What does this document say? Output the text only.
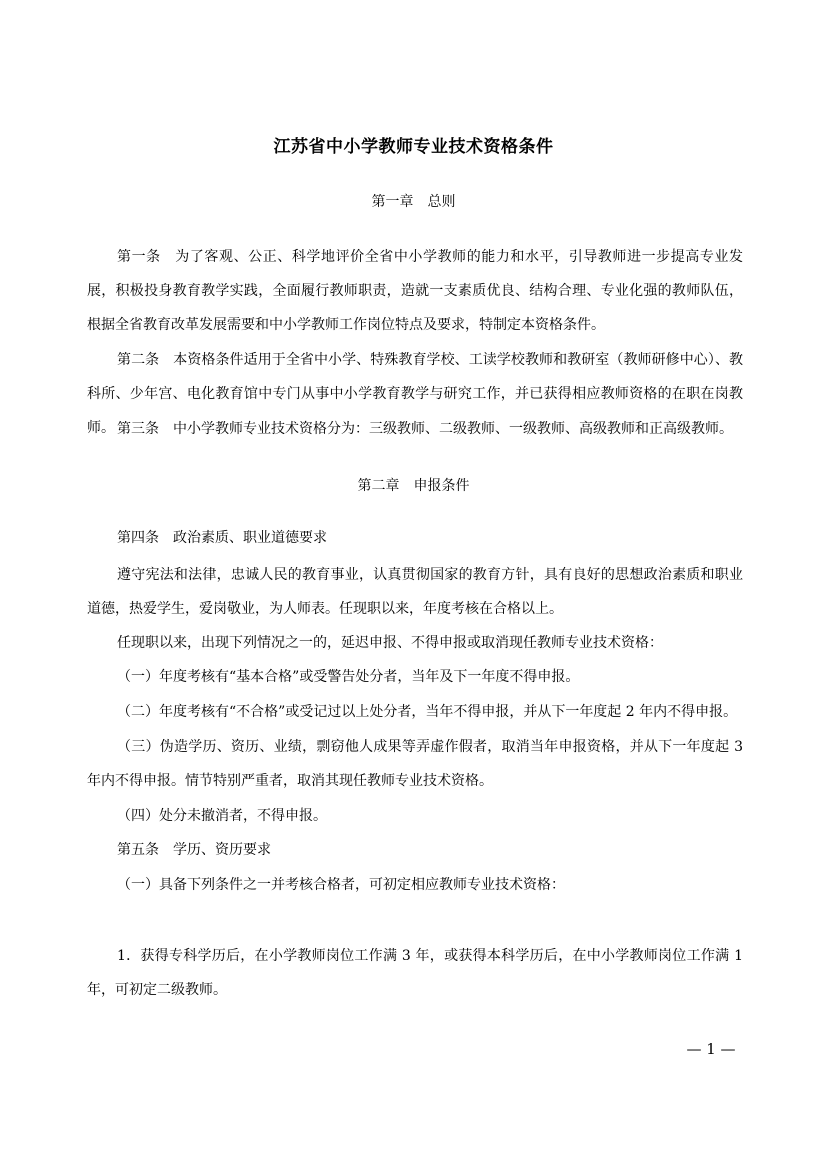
江苏省中小学教师专业技术资格条件
第一章 总则
第一条 为了客观、公正、科学地评价全省中小学教师的能力和水平，引导教师进一步提高专业发展，积极投身教育教学实践，全面履行教师职责，造就一支素质优良、结构合理、专业化强的教师队伍，根据全省教育改革发展需要和中小学教师工作岗位特点及要求，特制定本资格条件。
第二条 本资格条件适用于全省中小学、特殊教育学校、工读学校教师和教研室（教师研修中心）、教科所、少年宫、电化教育馆中专门从事中小学教育教学与研究工作，并已获得相应教师资格的在职在岗教师。 第三条 中小学教师专业技术资格分为：三级教师、二级教师、一级教师、高级教师和正高级教师。
第二章 申报条件
第四条 政治素质、职业道德要求
遵守宪法和法律，忠诚人民的教育事业，认真贯彻国家的教育方针，具有良好的思想政治素质和职业道德，热爱学生，爱岗敬业，为人师表。任现职以来，年度考核在合格以上。
任现职以来，出现下列情况之一的，延迟申报、不得申报或取消现任教师专业技术资格：
（一）年度考核有“基本合格”或受警告处分者，当年及下一年度不得申报。
（二）年度考核有“不合格”或受记过以上处分者，当年不得申报，并从下一年度起 2 年内不得申报。
（三）伪造学历、资历、业绩，剽窃他人成果等弄虚作假者，取消当年申报资格，并从下一年度起 3 年内不得申报。情节特别严重者，取消其现任教师专业技术资格。
（四）处分未撤消者，不得申报。
第五条 学历、资历要求
（一）具备下列条件之一并考核合格者，可初定相应教师专业技术资格：
1．获得专科学历后，在小学教师岗位工作满 3 年，或获得本科学历后，在中小学教师岗位工作满 1 年，可初定二级教师。
— 1 —
